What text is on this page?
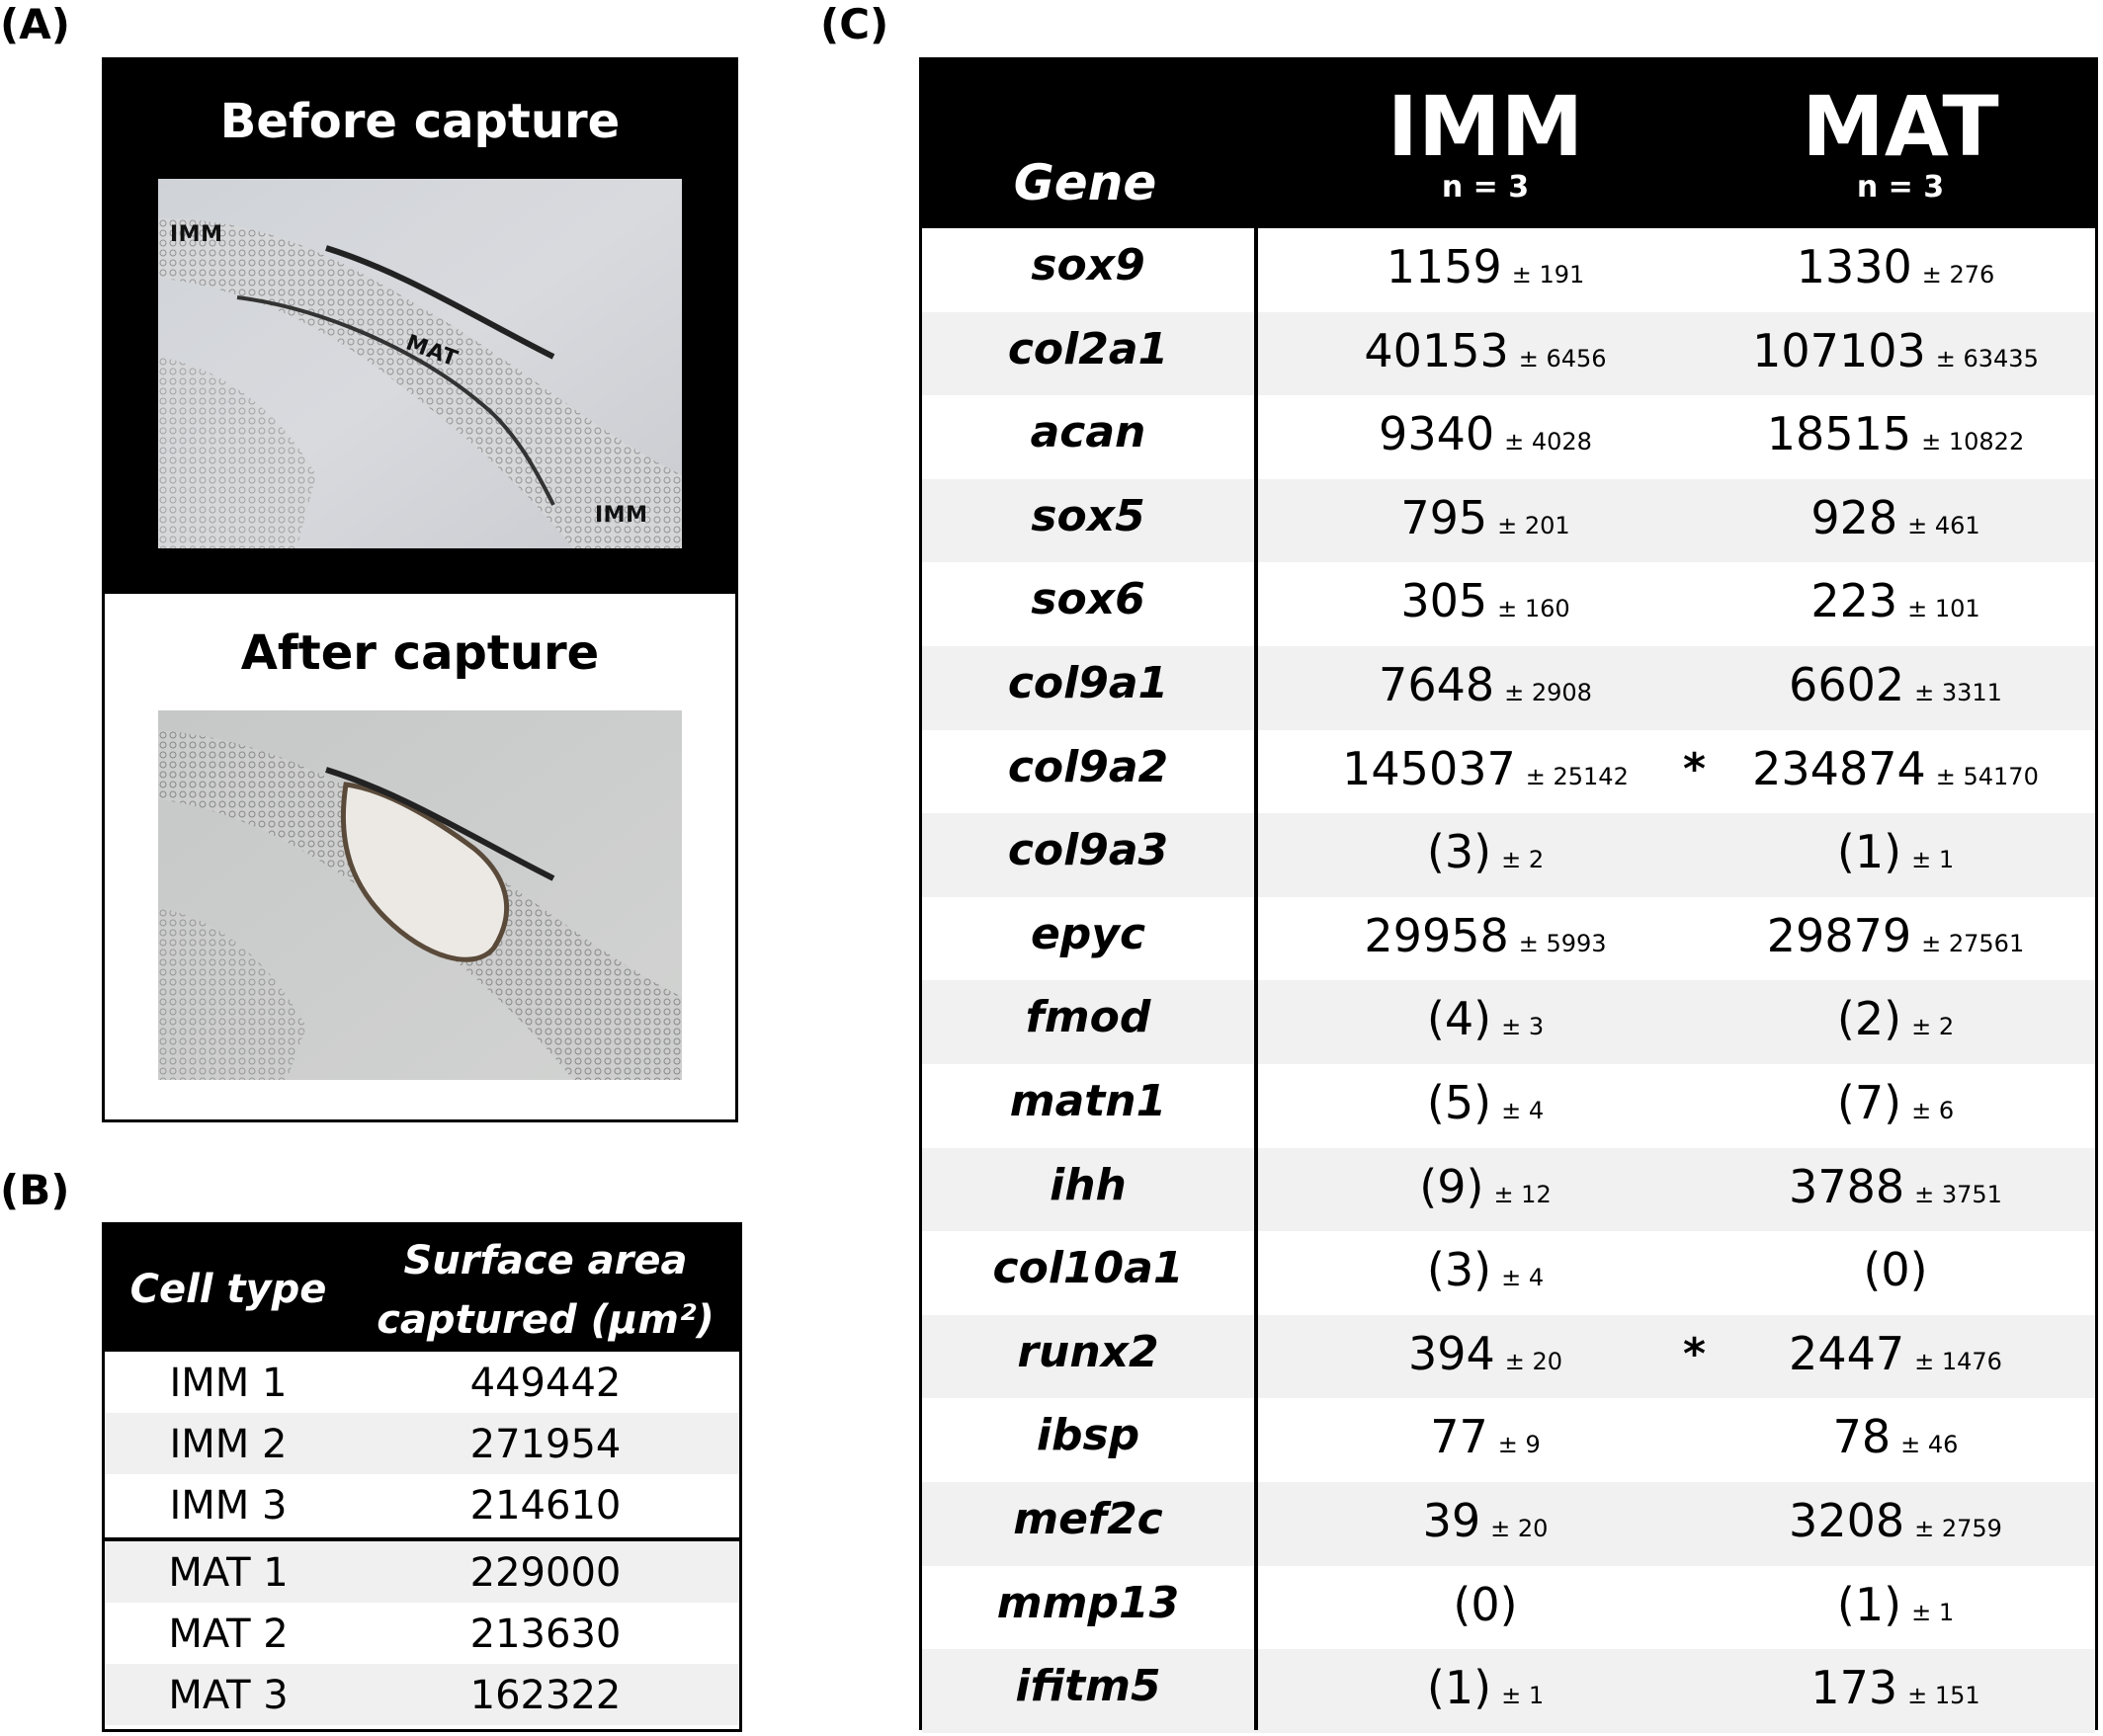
(A)
(B)
(C)
Before capture
IMM
MAT
IMM
After capture
Cell type
Surface area
captured (µm²)
IMM 1	449442
IMM 2	271954
IMM 3	214610
MAT 1	229000
MAT 2	213630
MAT 3	162322
Gene
IMM
n = 3
MAT
n = 3
sox9	1159 ± 191	1330 ± 276
col2a1	40153 ± 6456	107103 ± 63435
acan	9340 ± 4028	18515 ± 10822
sox5	795 ± 201	928 ± 461
sox6	305 ± 160	223 ± 101
col9a1	7648 ± 2908	6602 ± 3311
col9a2	145037 ± 25142	234874 ± 54170
*
col9a3	(3) ± 2	(1) ± 1
epyc	29958 ± 5993	29879 ± 27561
fmod	(4) ± 3	(2) ± 2
matn1	(5) ± 4	(7) ± 6
ihh	(9) ± 12	3788 ± 3751
col10a1	(3) ± 4	(0)
runx2	394 ± 20	2447 ± 1476
*
ibsp	77 ± 9	78 ± 46
mef2c	39 ± 20	3208 ± 2759
mmp13	(0)	(1) ± 1
ifitm5	(1) ± 1	173 ± 151
